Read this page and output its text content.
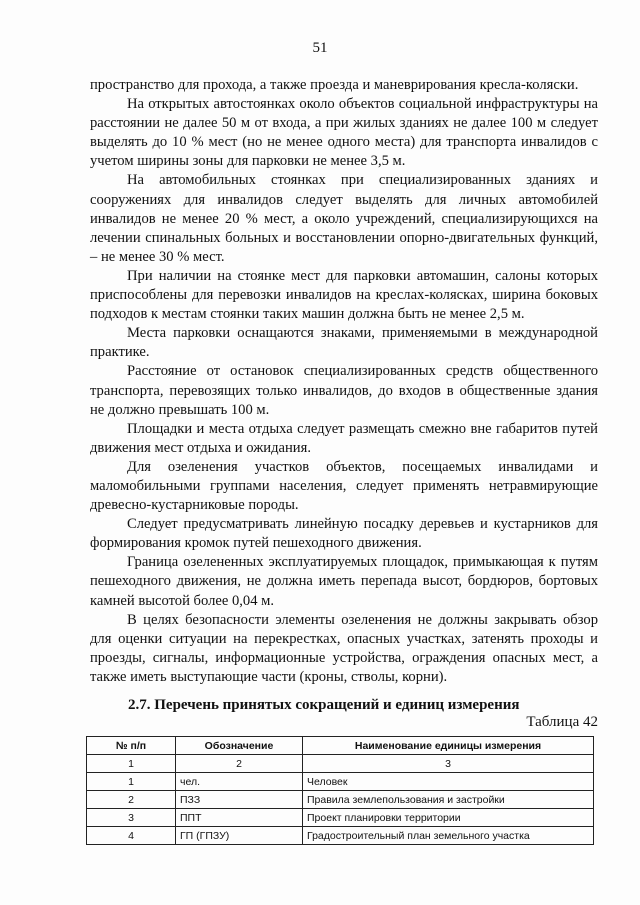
51

пространство для прохода, а также проезда и маневрирования кресла-коляски.

На открытых автостоянках около объектов социальной инфраструктуры на расстоянии не далее 50 м от входа, а при жилых зданиях не далее 100 м следует выделять до 10 % мест (но не менее одного места) для транспорта инвалидов с учетом ширины зоны для парковки не менее 3,5 м.

На автомобильных стоянках при специализированных зданиях и сооружениях для инвалидов следует выделять для личных автомобилей инвалидов не менее 20 % мест, а около учреждений, специализирующихся на лечении спинальных больных и восстановлении опорно-двигательных функций, – не менее 30 % мест.

При наличии на стоянке мест для парковки автомашин, салоны которых приспособлены для перевозки инвалидов на креслах-колясках, ширина боковых подходов к местам стоянки таких машин должна быть не менее 2,5 м.

Места парковки оснащаются знаками, применяемыми в международной практике.

Расстояние от остановок специализированных средств общественного транспорта, перевозящих только инвалидов, до входов в общественные здания не должно превышать 100 м.

Площадки и места отдыха следует размещать смежно вне габаритов путей движения мест отдыха и ожидания.

Для озеленения участков объектов, посещаемых инвалидами и маломобильными группами населения, следует применять нетравмирующие древесно-кустарниковые породы.

Следует предусматривать линейную посадку деревьев и кустарников для формирования кромок путей пешеходного движения.

Граница озелененных эксплуатируемых площадок, примыкающая к путям пешеходного движения, не должна иметь перепада высот, бордюров, бортовых камней высотой более 0,04 м.

В целях безопасности элементы озеленения не должны закрывать обзор для оценки ситуации на перекрестках, опасных участках, затенять проходы и проезды, сигналы, информационные устройства, ограждения опасных мест, а также иметь выступающие части (кроны, стволы, корни).

2.7. Перечень принятых сокращений и единиц измерения
Таблица 42
№ п/п	Обозначение	Наименование единицы измерения
1	2	3
1	чел.	Человек
2	ПЗЗ	Правила землепользования и застройки
3	ППТ	Проект планировки территории
4	ГП (ГПЗУ)	Градостроительный план земельного участка
